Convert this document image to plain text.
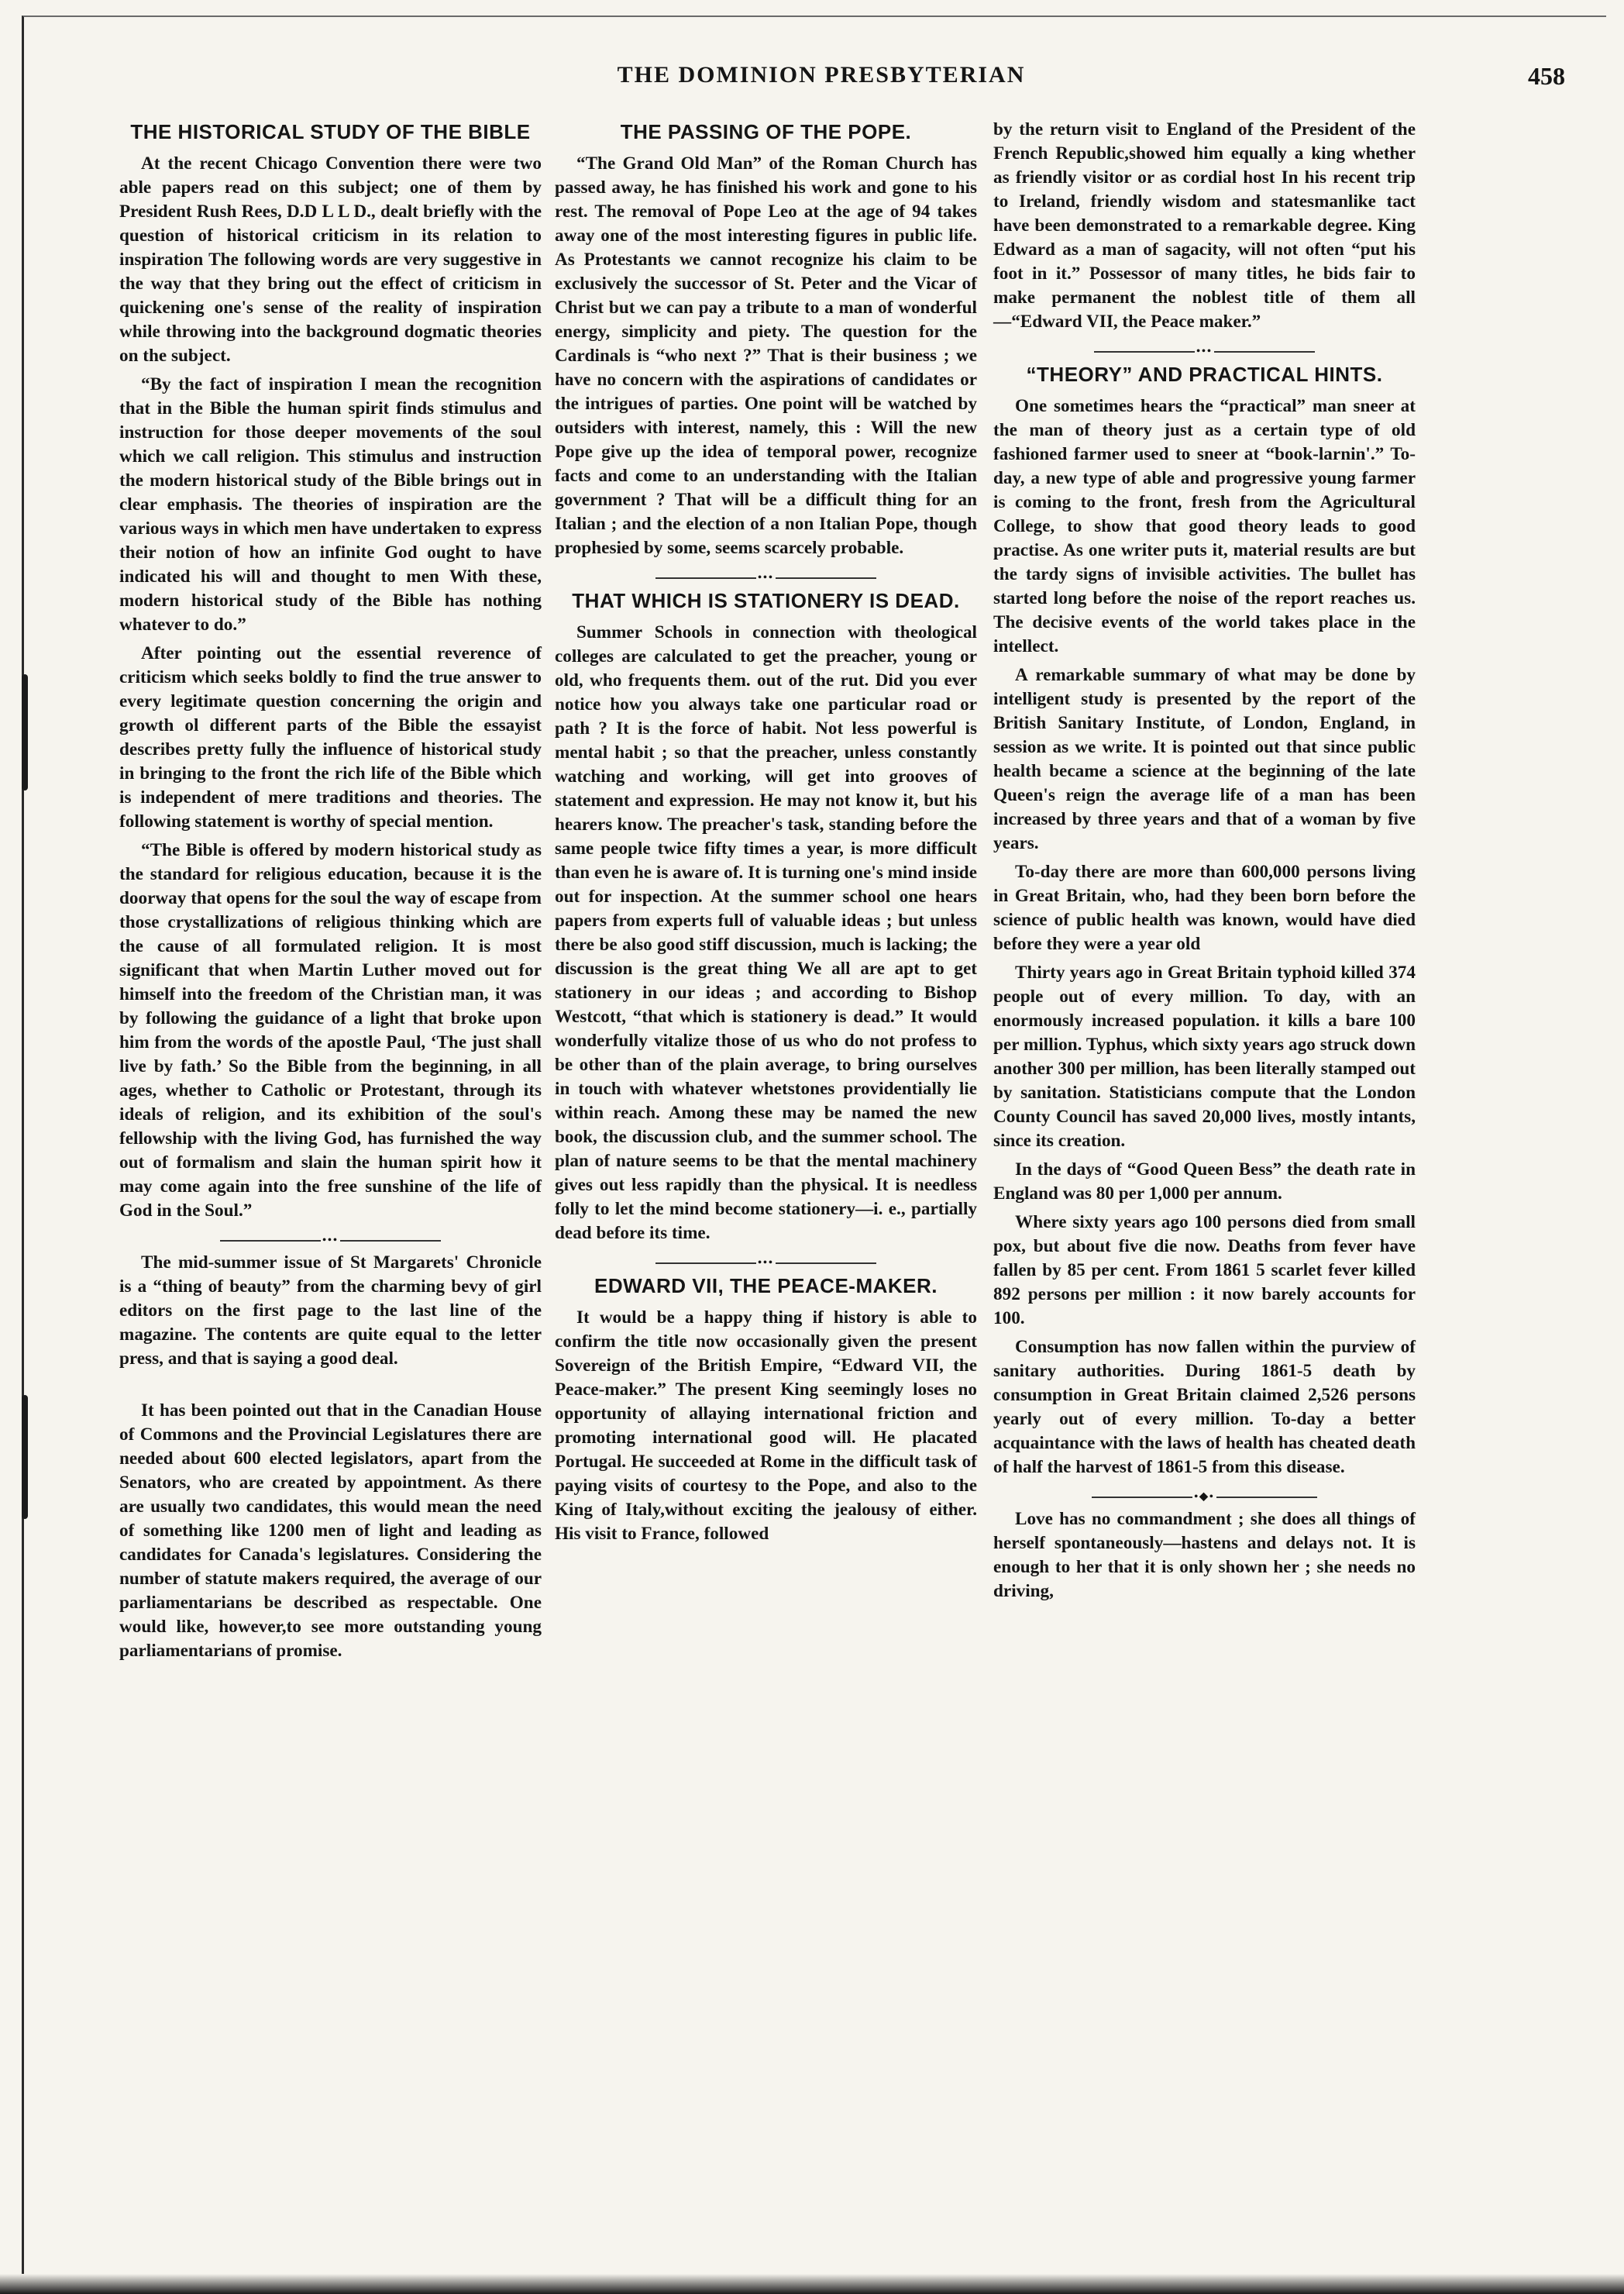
THE DOMINION PRESBYTERIAN	458
THE HISTORICAL STUDY OF THE BIBLE

At the recent Chicago Convention there were two able papers read on this subject; one of them by President Rush Rees, D.D L L D., dealt briefly with the question of historical criticism in its relation to inspiration The following words are very suggestive in the way that they bring out the effect of criticism in quickening one's sense of the reality of inspiration while throwing into the background dogmatic theories on the subject.

“By the fact of inspiration I mean the recognition that in the Bible the human spirit finds stimulus and instruction for those deeper movements of the soul which we call religion. This stimulus and instruction the modern historical study of the Bible brings out in clear emphasis. The theories of inspiration are the various ways in which men have undertaken to express their notion of how an infinite God ought to have indicated his will and thought to men With these, modern historical study of the Bible has nothing whatever to do.”

After pointing out the essential reverence of criticism which seeks boldly to find the true answer to every legitimate question concerning the origin and growth ol different parts of the Bible the essayist describes pretty fully the influence of historical study in bringing to the front the rich life of the Bible which is independent of mere traditions and theories. The following statement is worthy of special mention.

“The Bible is offered by modern historical study as the standard for religious education, because it is the doorway that opens for the soul the way of escape from those crystallizations of religious thinking which are the cause of all formulated religion. It is most significant that when Martin Luther moved out for himself into the freedom of the Christian man, it was by following the guidance of a light that broke upon him from the words of the apostle Paul, ‘The just shall live by fath.’ So the Bible from the beginning, in all ages, whether to Catholic or Protestant, through its ideals of religion, and its exhibition of the soul's fellowship with the living God, has furnished the way out of formalism and slain the human spirit how it may come again into the free sunshine of the life of God in the Soul.”

•••

The mid-summer issue of St Margarets' Chronicle is a “thing of beauty” from the charming bevy of girl editors on the first page to the last line of the magazine. The contents are quite equal to the letter press, and that is saying a good deal.

It has been pointed out that in the Canadian House of Commons and the Provincial Legislatures there are needed about 600 elected legislators, apart from the Senators, who are created by appointment. As there are usually two candidates, this would mean the need of something like 1200 men of light and leading as candidates for Canada's legislatures. Considering the number of statute makers required, the average of our parliamentarians be described as respectable. One would like, however,to see more outstanding young parliamentarians of promise.

THE PASSING OF THE POPE.

“The Grand Old Man” of the Roman Church has passed away, he has finished his work and gone to his rest. The removal of Pope Leo at the age of 94 takes away one of the most interesting figures in public life. As Protestants we cannot recognize his claim to be exclusively the successor of St. Peter and the Vicar of Christ but we can pay a tribute to a man of wonderful energy, simplicity and piety. The question for the Cardinals is “who next ?” That is their business ; we have no concern with the aspirations of candidates or the intrigues of parties. One point will be watched by outsiders with interest, namely, this : Will the new Pope give up the idea of temporal power, recognize facts and come to an understanding with the Italian government ? That will be a difficult thing for an Italian ; and the election of a non Italian Pope, though prophesied by some, seems scarcely probable.

•••
THAT WHICH IS STATIONERY IS DEAD.

Summer Schools in connection with theological colleges are calculated to get the preacher, young or old, who frequents them. out of the rut. Did you ever notice how you always take one particular road or path ? It is the force of habit. Not less powerful is mental habit ; so that the preacher, unless constantly watching and working, will get into grooves of statement and expression. He may not know it, but his hearers know. The preacher's task, standing before the same people twice fifty times a year, is more difficult than even he is aware of. It is turning one's mind inside out for inspection. At the summer school one hears papers from experts full of valuable ideas ; but unless there be also good stiff discussion, much is lacking; the discussion is the great thing We all are apt to get stationery in our ideas ; and according to Bishop Westcott, “that which is stationery is dead.” It would wonderfully vitalize those of us who do not profess to be other than of the plain average, to bring ourselves in touch with whatever whetstones providentially lie within reach. Among these may be named the new book, the discussion club, and the summer school. The plan of nature seems to be that the mental machinery gives out less rapidly than the physical. It is needless folly to let the mind become stationery—i. e., partially dead before its time.

•••
EDWARD VII, THE PEACE-MAKER.

It would be a happy thing if history is able to confirm the title now occasionally given the present Sovereign of the British Empire, “Edward VII, the Peace-maker.” The present King seemingly loses no opportunity of allaying international friction and promoting international good will. He placated Portugal. He succeeded at Rome in the difficult task of paying visits of courtesy to the Pope, and also to the King of Italy,without exciting the jealousy of either. His visit to France, followed

by the return visit to England of the President of the French Republic,showed him equally a king whether as friendly visitor or as cordial host In his recent trip to Ireland, friendly wisdom and statesmanlike tact have been demonstrated to a remarkable degree. King Edward as a man of sagacity, will not often “put his foot in it.” Possessor of many titles, he bids fair to make permanent the noblest title of them all—“Edward VII, the Peace maker.”

•••
“THEORY” AND PRACTICAL HINTS.

One sometimes hears the “practical” man sneer at the man of theory just as a certain type of old fashioned farmer used to sneer at “book-larnin'.” To-day, a new type of able and progressive young farmer is coming to the front, fresh from the Agricultural College, to show that good theory leads to good practise. As one writer puts it, material results are but the tardy signs of invisible activities. The bullet has started long before the noise of the report reaches us. The decisive events of the world takes place in the intellect.

A remarkable summary of what may be done by intelligent study is presented by the report of the British Sanitary Institute, of London, England, in session as we write. It is pointed out that since public health became a science at the beginning of the late Queen's reign the average life of a man has been increased by three years and that of a woman by five years.

To-day there are more than 600,000 persons living in Great Britain, who, had they been born before the science of public health was known, would have died before they were a year old

Thirty years ago in Great Britain typhoid killed 374 people out of every million. To day, with an enormously increased population. it kills a bare 100 per million. Typhus, which sixty years ago struck down another 300 per million, has been literally stamped out by sanitation. Statisticians compute that the London County Council has saved 20,000 lives, mostly intants, since its creation.

In the days of “Good Queen Bess” the death rate in England was 80 per 1,000 per annum.

Where sixty years ago 100 persons died from small pox, but about five die now. Deaths from fever have fallen by 85 per cent. From 1861 5 scarlet fever killed 892 persons per million : it now barely accounts for 100.

Consumption has now fallen within the purview of sanitary authorities. During 1861-5 death by consumption in Great Britain claimed 2,526 persons yearly out of every million. To-day a better acquaintance with the laws of health has cheated death of half the harvest of 1861-5 from this disease.

•◆•

Love has no commandment ; she does all things of herself spontaneously—hastens and delays not. It is enough to her that it is only shown her ; she needs no driving,
